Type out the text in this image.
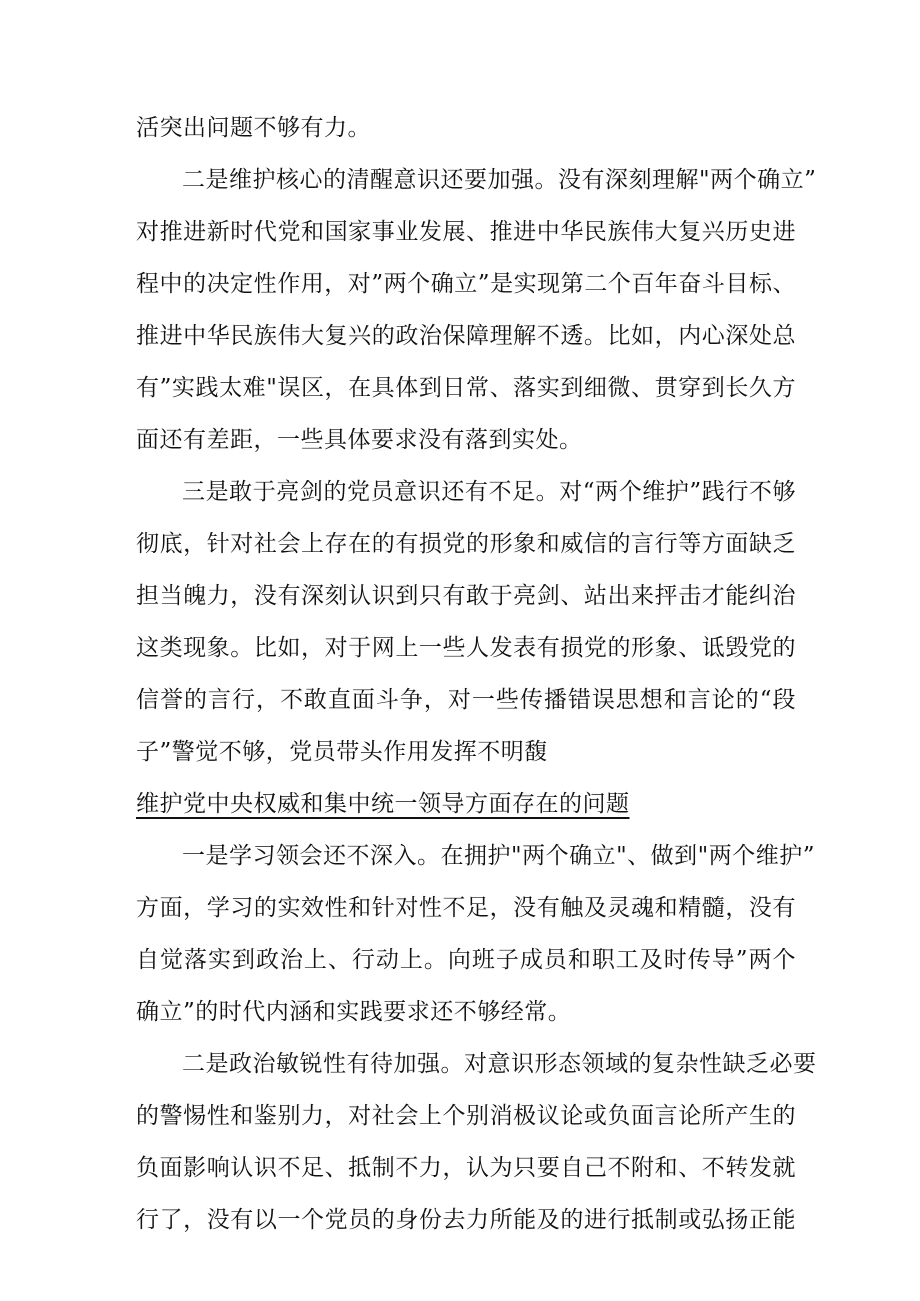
活突出问题不够有力。
二是维护核心的清醒意识还要加强。没有深刻理解"两个确立”
对推进新时代党和国家事业发展、推进中华民族伟大复兴历史进
程中的决定性作用，对”两个确立”是实现第二个百年奋斗目标、
推进中华民族伟大复兴的政治保障理解不透。比如，内心深处总
有”实践太难"误区，在具体到日常、落实到细微、贯穿到长久方
面还有差距，一些具体要求没有落到实处。
三是敢于亮剑的党员意识还有不足。对“两个维护”践行不够
彻底，针对社会上存在的有损党的形象和威信的言行等方面缺乏
担当魄力，没有深刻认识到只有敢于亮剑、站出来抨击才能纠治
这类现象。比如，对于网上一些人发表有损党的形象、诋毁党的
信誉的言行，不敢直面斗争，对一些传播错误思想和言论的“段
子”警觉不够，党员带头作用发挥不明馥
维护党中央权威和集中统一领导方面存在的问题
一是学习领会还不深入。在拥护"两个确立"、做到"两个维护”
方面，学习的实效性和针对性不足，没有触及灵魂和精髓，没有
自觉落实到政治上、行动上。向班子成员和职工及时传导”两个
确立”的时代内涵和实践要求还不够经常。
二是政治敏锐性有待加强。对意识形态领域的复杂性缺乏必要
的警惕性和鉴别力，对社会上个别消极议论或负面言论所产生的
负面影响认识不足、抵制不力，认为只要自己不附和、不转发就
行了，没有以一个党员的身份去力所能及的进行抵制或弘扬正能
